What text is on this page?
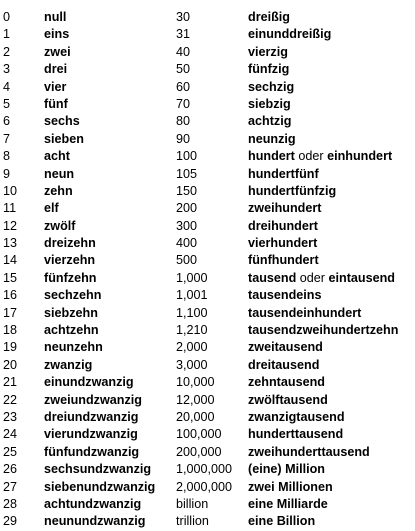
0	null	30	dreißig
1	eins	31	einunddreißig
2	zwei	40	vierzig
3	drei	50	fünfzig
4	vier	60	sechzig
5	fünf	70	siebzig
6	sechs	80	achtzig
7	sieben	90	neunzig
8	acht	100	hundert oder einhundert
9	neun	105	hundertfünf
10 zehn	150	hundertfünfzig
11 elf	200	zweihundert
12 zwölf	300	dreihundert
13 dreizehn	400	vierhundert
14 vierzehn	500	fünfhundert
15 fünfzehn	1,000	tausend oder eintausend
16 sechzehn	1,001	tausendeins
17 siebzehn	1,100	tausendeinhundert
18 achtzehn	1,210	tausendzweihundertzehn
19 neunzehn	2,000	zweitausend
20 zwanzig	3,000	dreitausend
21 einundzwanzig	10,000	zehntausend
22 zweiundzwanzig	12,000	zwölftausend
23 dreiundzwanzig	20,000	zwanzigtausend
24 vierundzwanzig	100,000 hunderttausend
25 fünfundzwanzig	200,000 zweihunderttausend
26 sechsundzwanzig 1,000,000 (eine) Million
27 siebenundzwanzig 2,000,000 zwei Millionen
28 achtundzwanzig	billion	eine Milliarde
29 neunundzwanzig trillion	eine Billion
